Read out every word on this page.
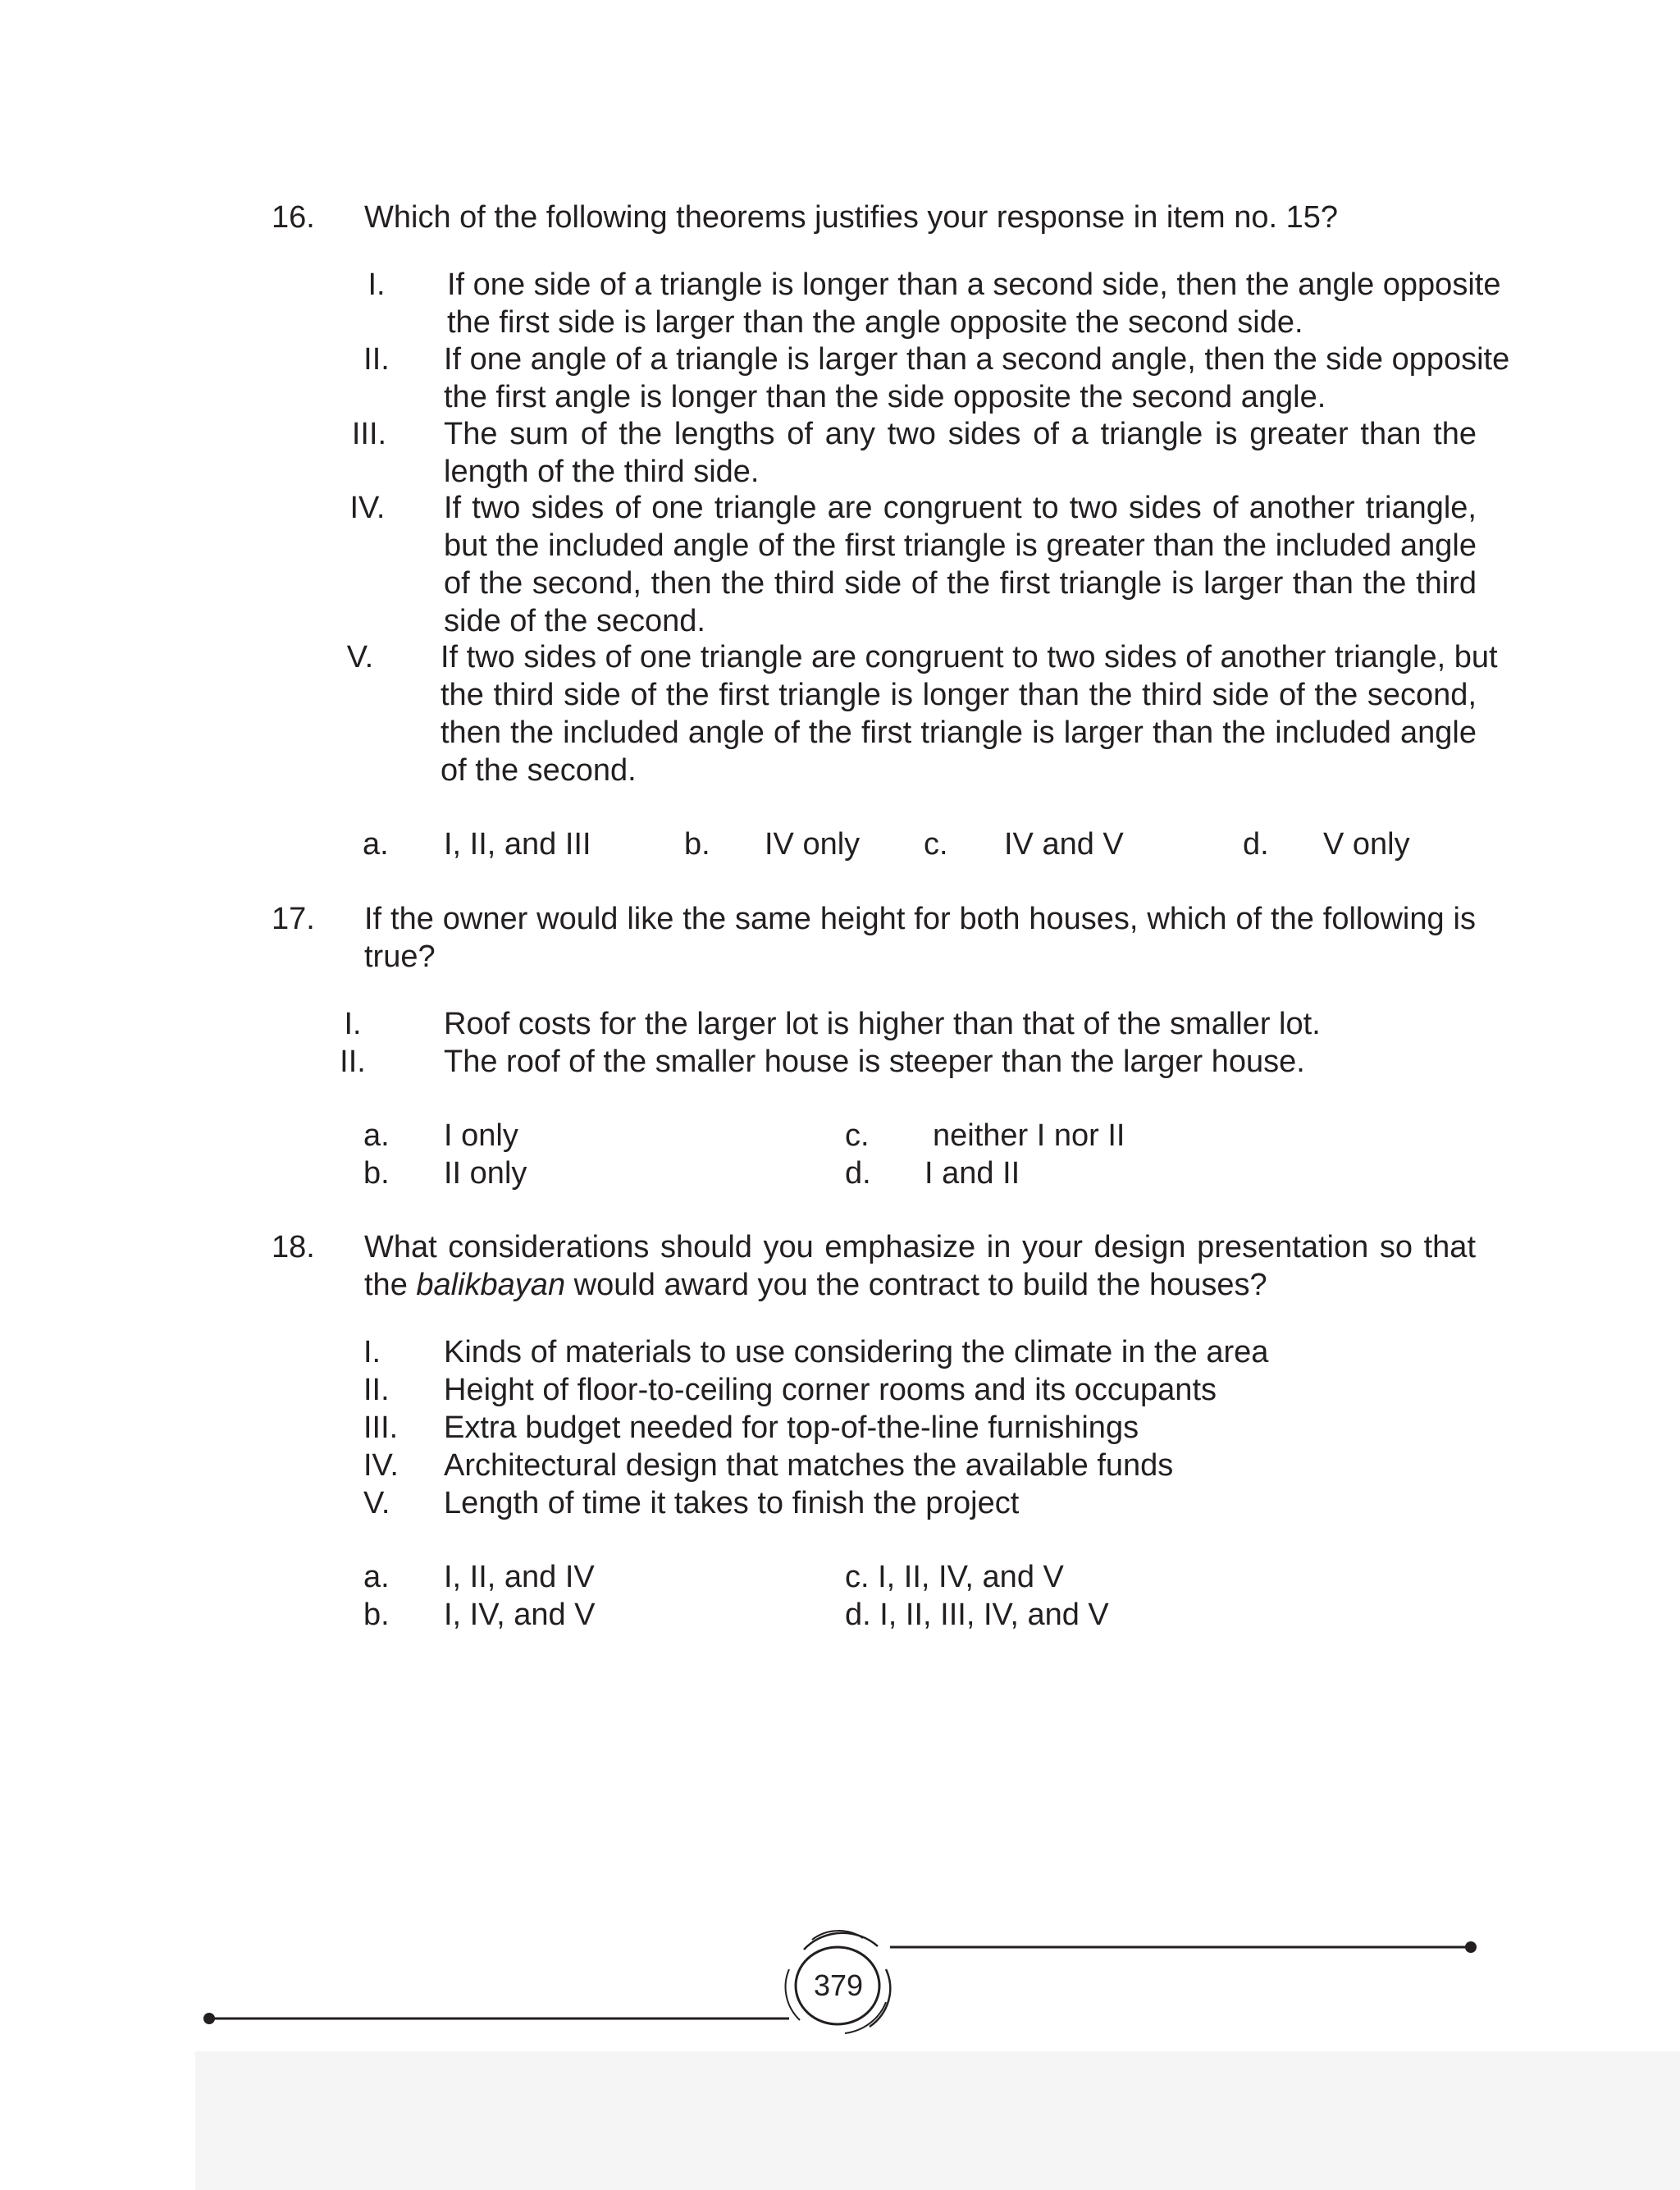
16. Which of the following theorems justifies your response in item no. 15?
I.	If one side of a triangle is longer than a second side, then the angle opposite
the first side is larger than the angle opposite the second side.
II.	If one angle of a triangle is larger than a second angle, then the side opposite
the first angle is longer than the side opposite the second angle.
III.	The sum of the lengths of any two sides of a triangle is greater than the
length of the third side.
IV.	If two sides of one triangle are congruent to two sides of another triangle,
but the included angle of the first triangle is greater than the included angle
of the second, then the third side of the first triangle is larger than the third
side of the second.
V.	If two sides of one triangle are congruent to two sides of another triangle, but
the third side of the first triangle is longer than the third side of the second,
then the included angle of the first triangle is larger than the included angle
of the second.
a. I, II, and III	b. IV only c. IV and V	d. V only
17. If the owner would like the same height for both houses, which of the following is
true?
I.	Roof costs for the larger lot is higher than that of the smaller lot.
II.	The roof of the smaller house is steeper than the larger house.
a. I only
b. II only
c. neither I nor II
d. I and II
18. What considerations should you emphasize in your design presentation so that
the balikbayan would award you the contract to build the houses?
I. Kinds of materials to use considering the climate in the area
II. Height of floor-to-ceiling corner rooms and its occupants
III. Extra budget needed for top-of-the-line furnishings
IV. Architectural design that matches the available funds
V. Length of time it takes to finish the project
a. I, II, and IV
b. I, IV, and V
c. I, II, IV, and V
d. I, II, III, IV, and V
379
